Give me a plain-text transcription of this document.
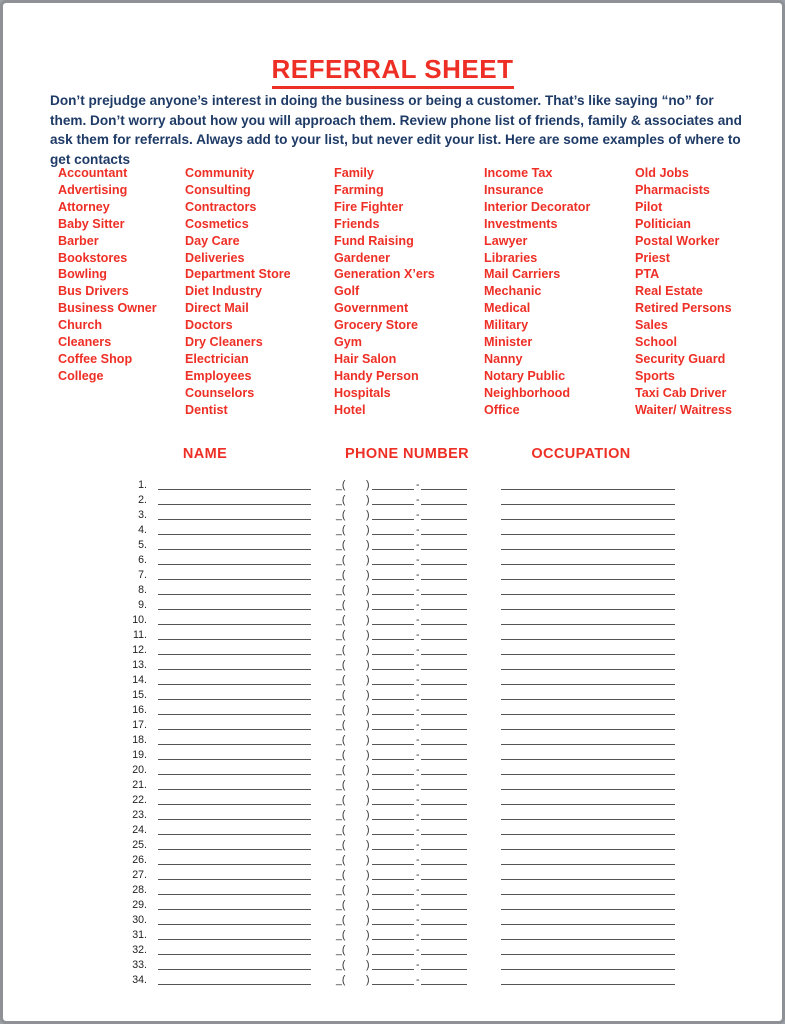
REFERRAL SHEET

Don’t prejudge anyone’s interest in doing the business or being a customer. That’s like saying “no” for them. Don’t worry about how you will approach them. Review phone list of friends, family & associates and ask them for referrals. Always add to your list, but never edit your list. Here are some examples of where to get contacts

Accountant
Advertising
Attorney
Baby Sitter
Barber
Bookstores
Bowling
Bus Drivers
Business Owner
Church
Cleaners
Coffee Shop
College
Community
Consulting
Contractors
Cosmetics
Day Care
Deliveries
Department Store
Diet Industry
Direct Mail
Doctors
Dry Cleaners
Electrician
Employees
Counselors
Dentist
Family
Farming
Fire Fighter
Friends
Fund Raising
Gardener
Generation X’ers
Golf
Government
Grocery Store
Gym
Hair Salon
Handy Person
Hospitals
Hotel
Income Tax
Insurance
Interior Decorator
Investments
Lawyer
Libraries
Mail Carriers
Mechanic
Medical
Military
Minister
Nanny
Notary Public
Neighborhood
Office
Old Jobs
Pharmacists
Pilot
Politician
Postal Worker
Priest
PTA
Real Estate
Retired Persons
Sales
School
Security Guard
Sports
Taxi Cab Driver
Waiter/ Waitress
NAME	PHONE NUMBER	OCCUPATION
1.	_( )	-
2.	_( )	-
3.	_( )	-
4.	_( )	-
5.	_( )	-
6.	_( )	-
7.	_( )	-
8.	_( )	-
9.	_( )	-
10.	_( )	-
11.	_( )	-
12.	_( )	-
13.	_( )	-
14.	_( )	-
15.	_( )	-
16.	_( )	-
17.	_( )	-
18.	_( )	-
19.	_( )	-
20.	_( )	-
21.	_( )	-
22.	_( )	-
23.	_( )	-
24.	_( )	-
25.	_( )	-
26.	_( )	-
27.	_( )	-
28.	_( )	-
29.	_( )	-
30.	_( )	-
31.	_( )	-
32.	_( )	-
33.	_( )	-
34.	_( )	-
